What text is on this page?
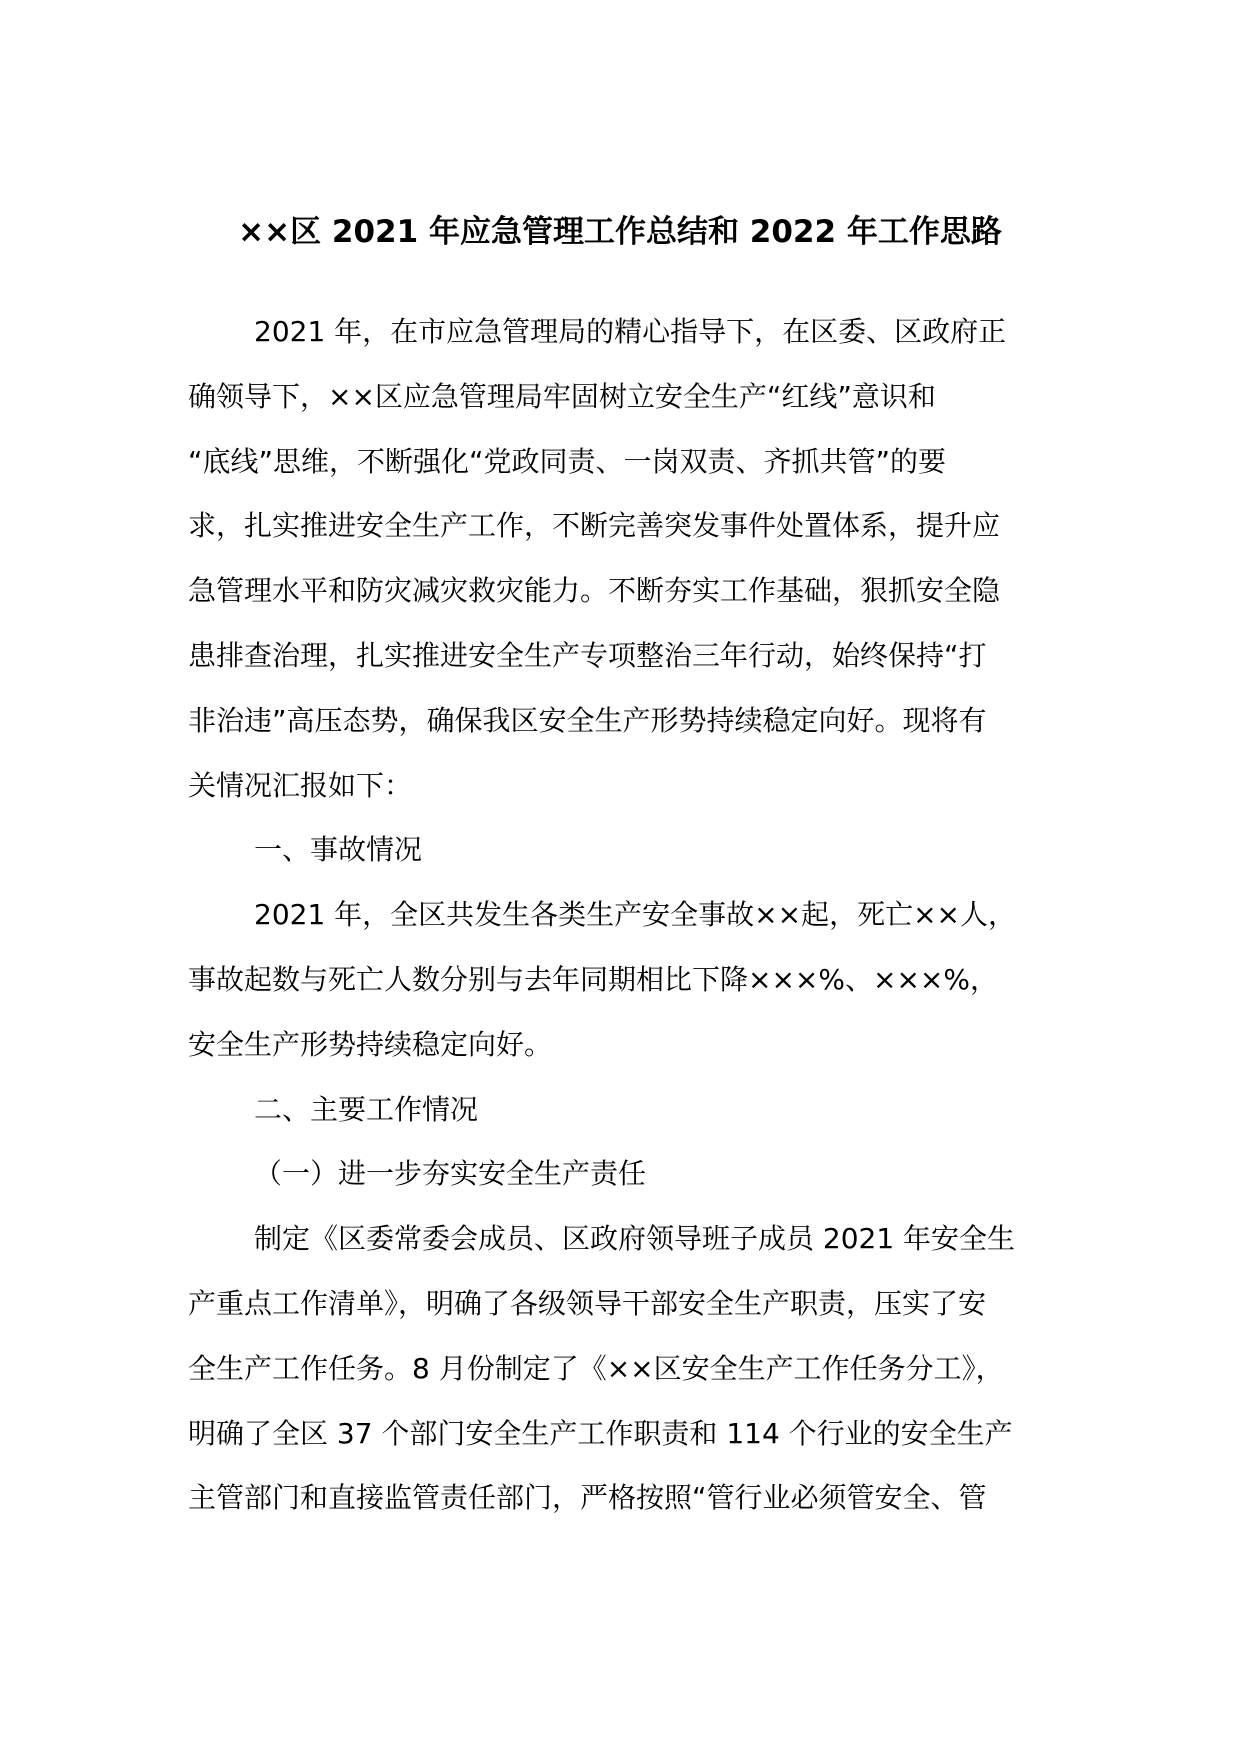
××区 2021 年应急管理工作总结和 2022 年工作思路
2021 年，在市应急管理局的精心指导下，在区委、区政府正
确领导下，××区应急管理局牢固树立安全生产“红线”意识和
“底线”思维，不断强化“党政同责、一岗双责、齐抓共管”的要
求，扎实推进安全生产工作，不断完善突发事件处置体系，提升应
急管理水平和防灾减灾救灾能力。不断夯实工作基础，狠抓安全隐
患排查治理，扎实推进安全生产专项整治三年行动，始终保持“打
非治违”高压态势，确保我区安全生产形势持续稳定向好。现将有
关情况汇报如下：
一、事故情况
2021 年，全区共发生各类生产安全事故××起，死亡××人，
事故起数与死亡人数分别与去年同期相比下降×××%、×××%，
安全生产形势持续稳定向好。
二、主要工作情况
（一）进一步夯实安全生产责任
制定《区委常委会成员、区政府领导班子成员 2021 年安全生
产重点工作清单》，明确了各级领导干部安全生产职责，压实了安
全生产工作任务。8 月份制定了《××区安全生产工作任务分工》，
明确了全区 37 个部门安全生产工作职责和 114 个行业的安全生产
主管部门和直接监管责任部门，严格按照“管行业必须管安全、管
